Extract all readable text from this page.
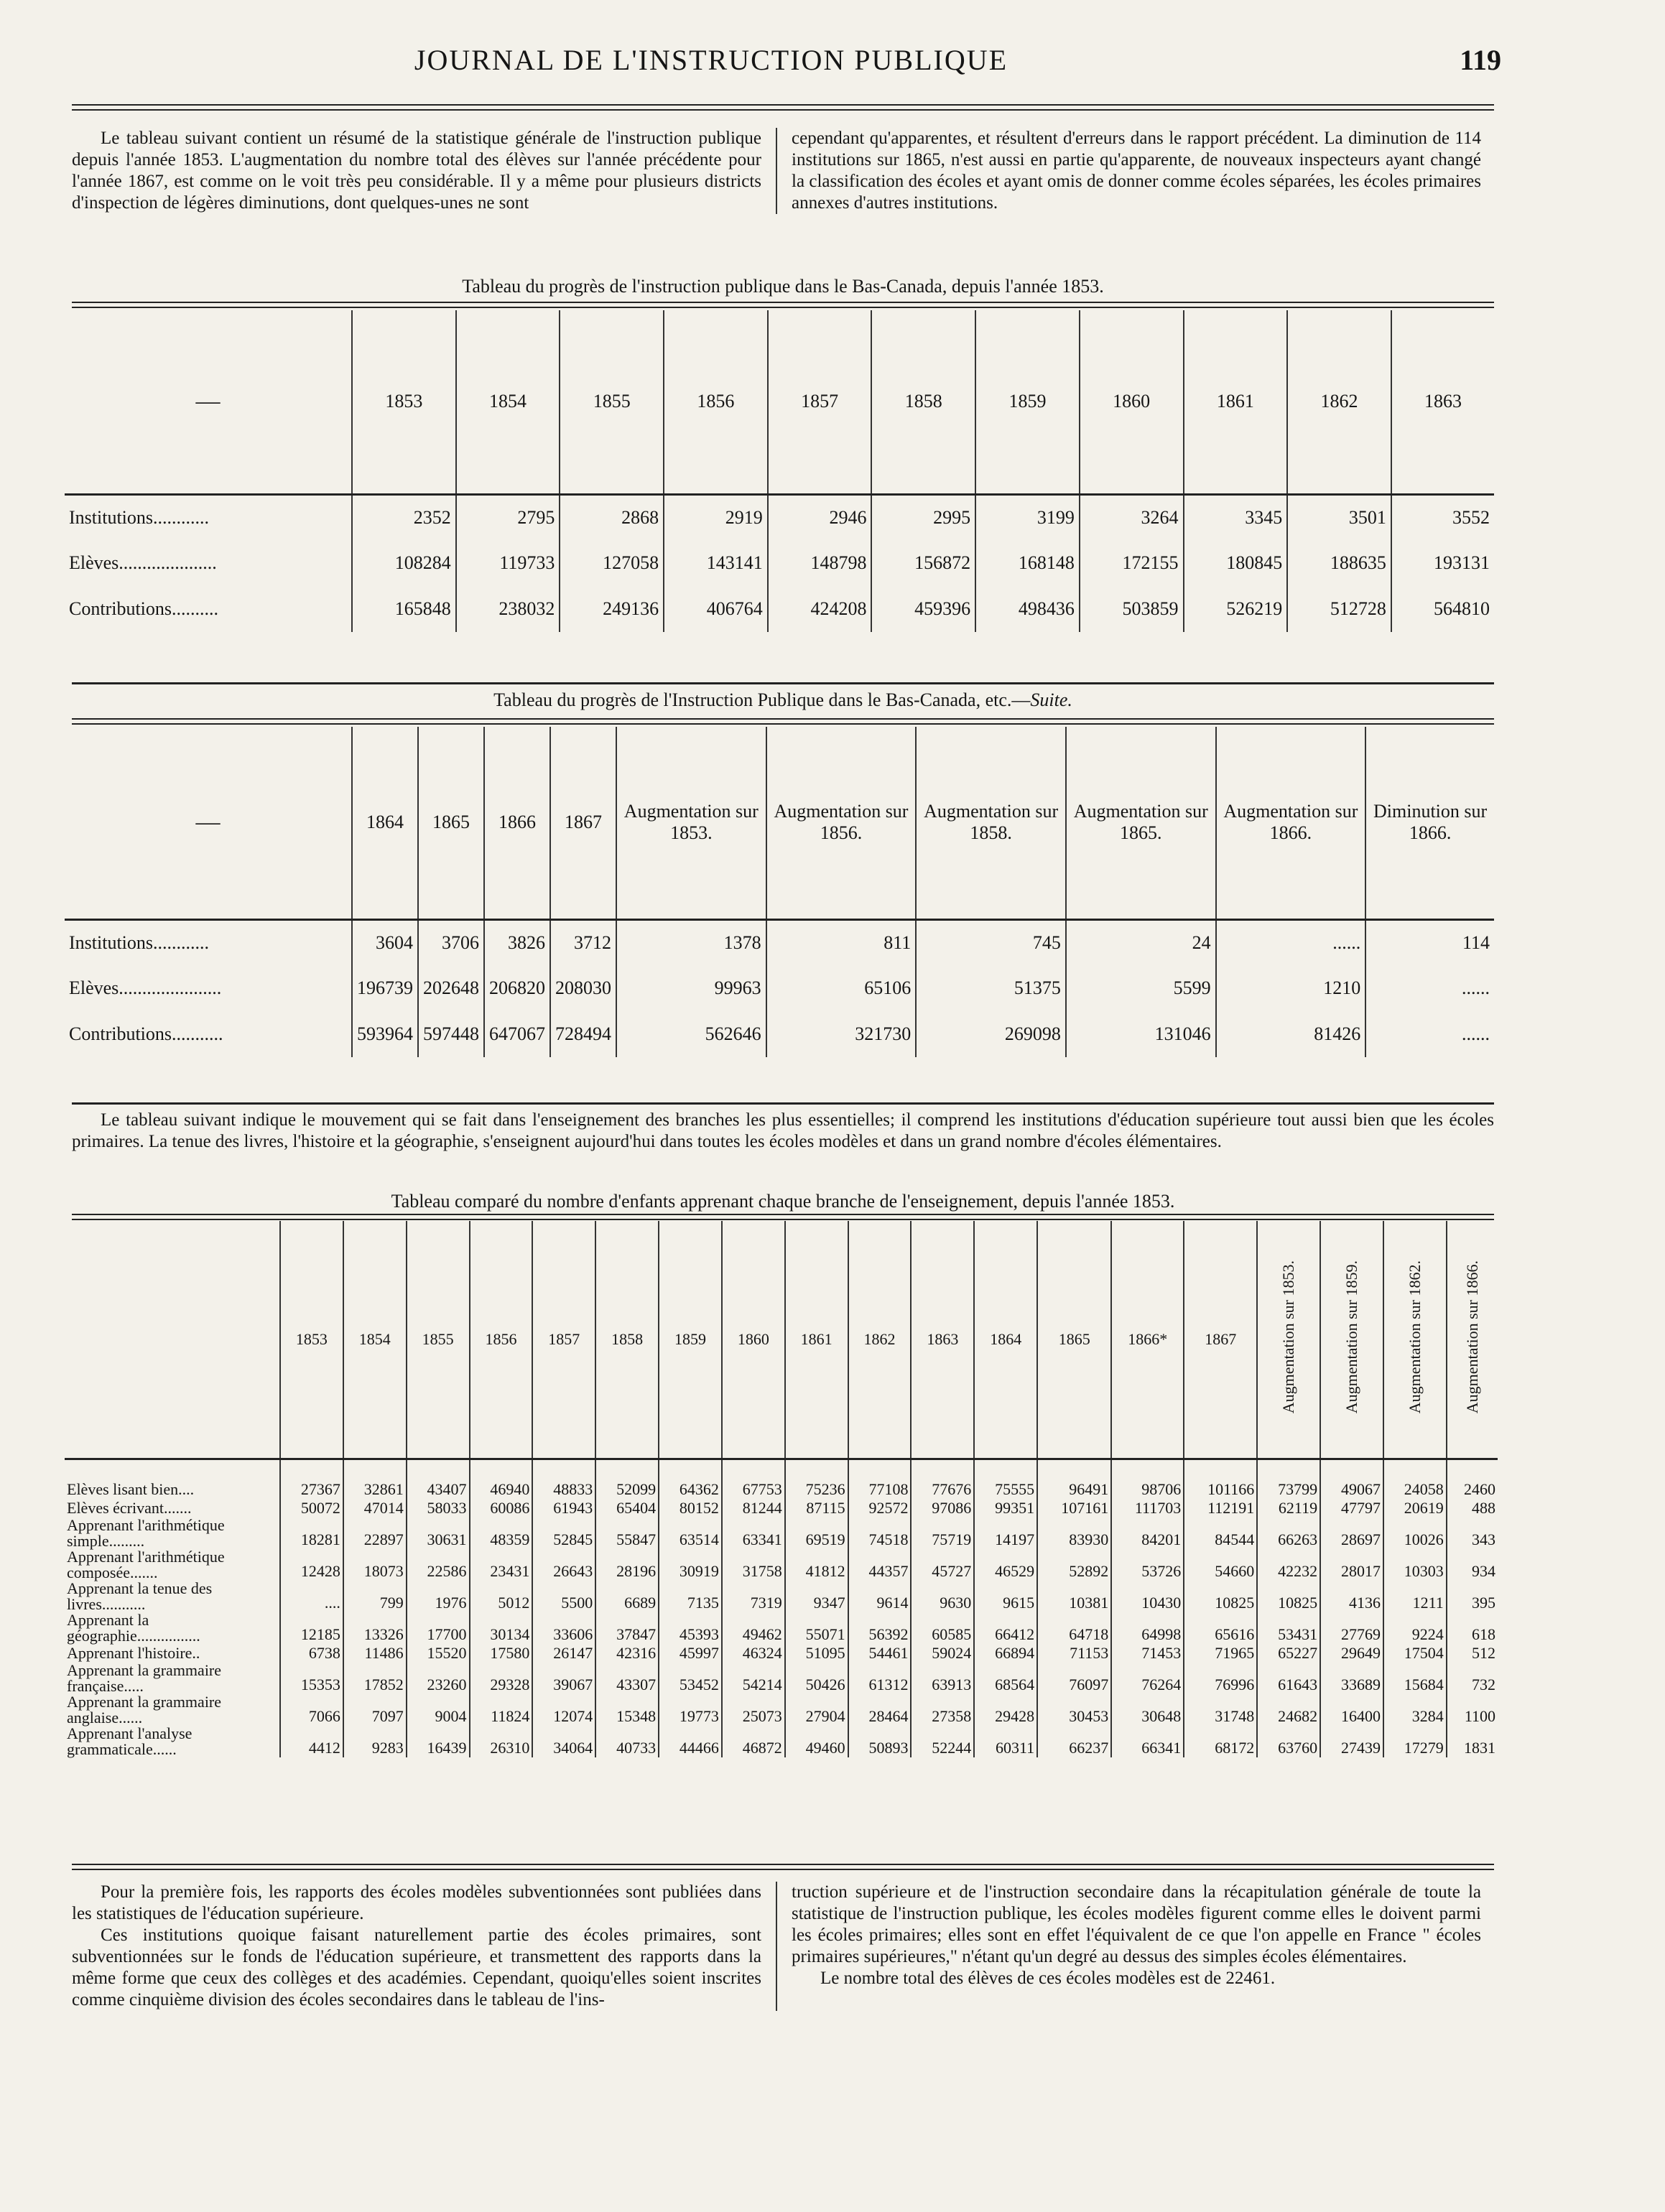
JOURNAL DE L'INSTRUCTION PUBLIQUE	119
Le tableau suivant contient un résumé de la statistique générale de l'instruction publique depuis l'année 1853. L'augmentation du nombre total des élèves sur l'année précédente pour l'année 1867, est comme on le voit très peu considérable. Il y a même pour plusieurs districts d'inspection de légères diminutions, dont quelques-unes ne sont
cependant qu'apparentes, et résultent d'erreurs dans le rapport précédent. La diminution de 114 institutions sur 1865, n'est aussi en partie qu'apparente, de nouveaux inspecteurs ayant changé la classification des écoles et ayant omis de donner comme écoles séparées, les écoles primaires annexes d'autres institutions.
Tableau du progrès de l'instruction publique dans le Bas-Canada, depuis l'année 1853.
—	1853	1854	1855	1856	1857	1858	1859	1860	1861	1862	1863
Institutions............	2352	2795	2868	2919	2946	2995	3199	3264	3345	3501	3552
Elèves.....................	108284	119733	127058	143141	148798	156872	168148	172155	180845	188635	193131
Contributions..........	165848	238032	249136	406764	424208	459396	498436	503859	526219	512728	564810
Tableau du progrès de l'Instruction Publique dans le Bas-Canada, etc.—Suite.
—	1864	1865	1866	1867	Augmentation sur 1853.	Augmentation sur 1856.	Augmentation sur 1858.	Augmentation sur 1865.	Augmentation sur 1866.	Diminution sur 1866.
Institutions............	3604	3706	3826	3712	1378	811	745	24	......	114
Elèves......................	196739	202648	206820	208030	99963	65106	51375	5599	1210	......
Contributions...........	593964	597448	647067	728494	562646	321730	269098	131046	81426	......
Le tableau suivant indique le mouvement qui se fait dans l'enseignement des branches les plus essentielles; il comprend les institutions d'éducation supérieure tout aussi bien que les écoles primaires. La tenue des livres, l'histoire et la géographie, s'enseignent aujourd'hui dans toutes les écoles modèles et dans un grand nombre d'écoles élémentaires.
Tableau comparé du nombre d'enfants apprenant chaque branche de l'enseignement, depuis l'année 1853.
	1853	1854	1855	1856	1857	1858	1859	1860	1861	1862	1863	1864	1865	1866*	1867	Augmentation sur 1853.	Augmentation sur 1859.	Augmentation sur 1862.	Augmentation sur 1866.
Elèves lisant bien....	27367	32861	43407	46940	48833	52099	64362	67753	75236	77108	77676	75555	96491	98706	101166	73799	49067	24058	2460
Elèves écrivant.......	50072	47014	58033	60086	61943	65404	80152	81244	87115	92572	97086	99351	107161	111703	112191	62119	47797	20619	488
Apprenant l'arithmétique simple.........	18281	22897	30631	48359	52845	55847	63514	63341	69519	74518	75719	14197	83930	84201	84544	66263	28697	10026	343
Apprenant l'arithmétique composée.......	12428	18073	22586	23431	26643	28196	30919	31758	41812	44357	45727	46529	52892	53726	54660	42232	28017	10303	934
Apprenant la tenue des livres...........	....	799	1976	5012	5500	6689	7135	7319	9347	9614	9630	9615	10381	10430	10825	10825	4136	1211	395
Apprenant la géographie................	12185	13326	17700	30134	33606	37847	45393	49462	55071	56392	60585	66412	64718	64998	65616	53431	27769	9224	618
Apprenant l'histoire..	6738	11486	15520	17580	26147	42316	45997	46324	51095	54461	59024	66894	71153	71453	71965	65227	29649	17504	512
Apprenant la grammaire française.....	15353	17852	23260	29328	39067	43307	53452	54214	50426	61312	63913	68564	76097	76264	76996	61643	33689	15684	732
Apprenant la grammaire anglaise......	7066	7097	9004	11824	12074	15348	19773	25073	27904	28464	27358	29428	30453	30648	31748	24682	16400	3284	1100
Apprenant l'analyse grammaticale......	4412	9283	16439	26310	34064	40733	44466	46872	49460	50893	52244	60311	66237	66341	68172	63760	27439	17279	1831
Pour la première fois, les rapports des écoles modèles subventionnées sont publiées dans les statistiques de l'éducation supérieure.
Ces institutions quoique faisant naturellement partie des écoles primaires, sont subventionnées sur le fonds de l'éducation supérieure, et transmettent des rapports dans la même forme que ceux des collèges et des académies. Cependant, quoiqu'elles soient inscrites comme cinquième division des écoles secondaires dans le tableau de l'ins-
truction supérieure et de l'instruction secondaire dans la récapitulation générale de toute la statistique de l'instruction publique, les écoles modèles figurent comme elles le doivent parmi les écoles primaires; elles sont en effet l'équivalent de ce que l'on appelle en France " écoles primaires supérieures," n'étant qu'un degré au dessus des simples écoles élémentaires.
Le nombre total des élèves de ces écoles modèles est de 22461.
